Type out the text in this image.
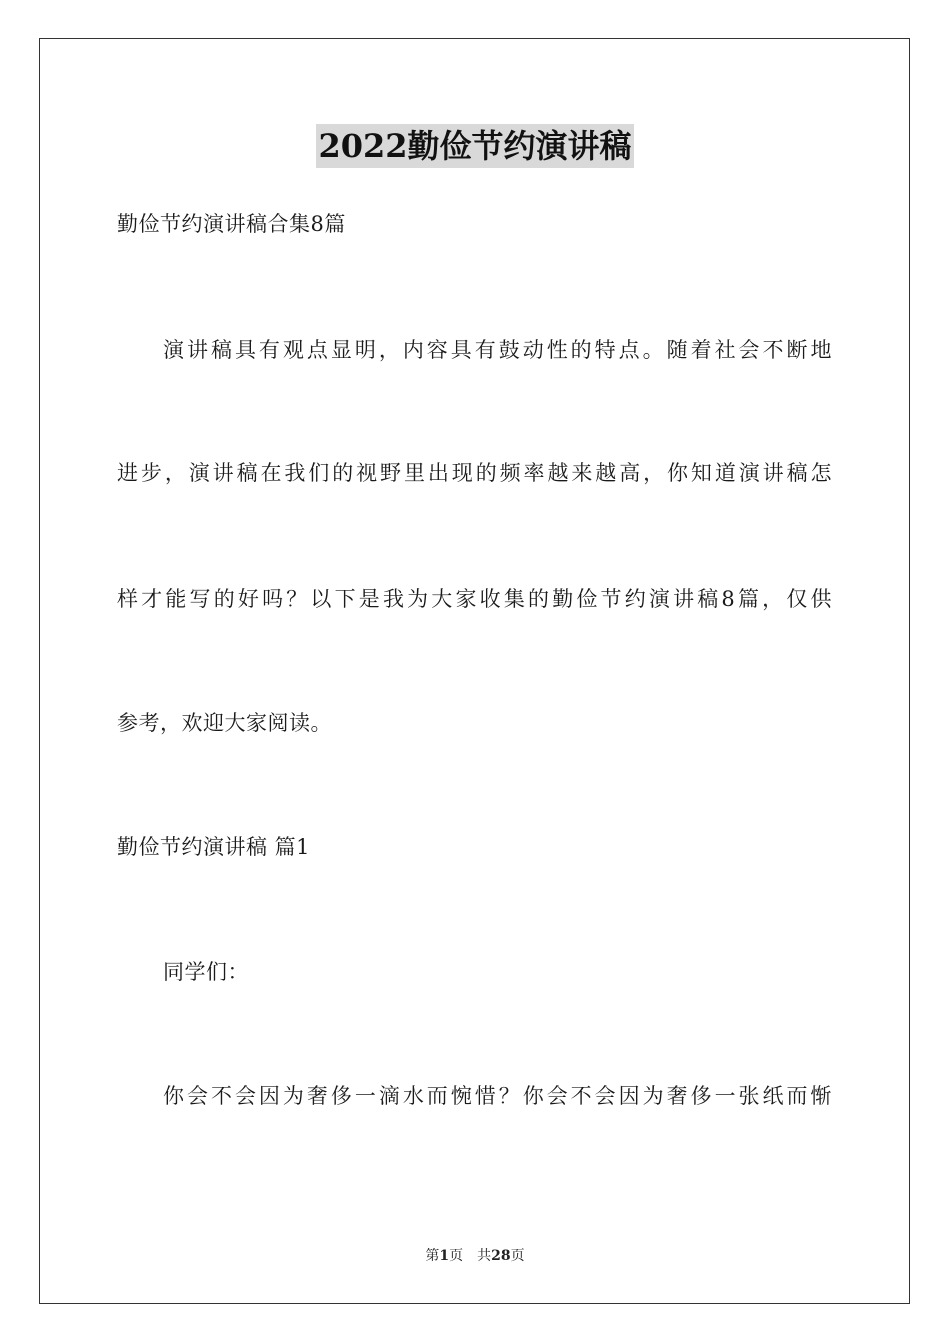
2022勤俭节约演讲稿
勤俭节约演讲稿合集8篇
演讲稿具有观点显明，内容具有鼓动性的特点。随着社会不断地
进步，演讲稿在我们的视野里出现的频率越来越高，你知道演讲稿怎
样才能写的好吗？以下是我为大家收集的勤俭节约演讲稿8篇，仅供
参考，欢迎大家阅读。
勤俭节约演讲稿 篇1
同学们：
你会不会因为奢侈一滴水而惋惜？你会不会因为奢侈一张纸而惭
第1页 共28页
